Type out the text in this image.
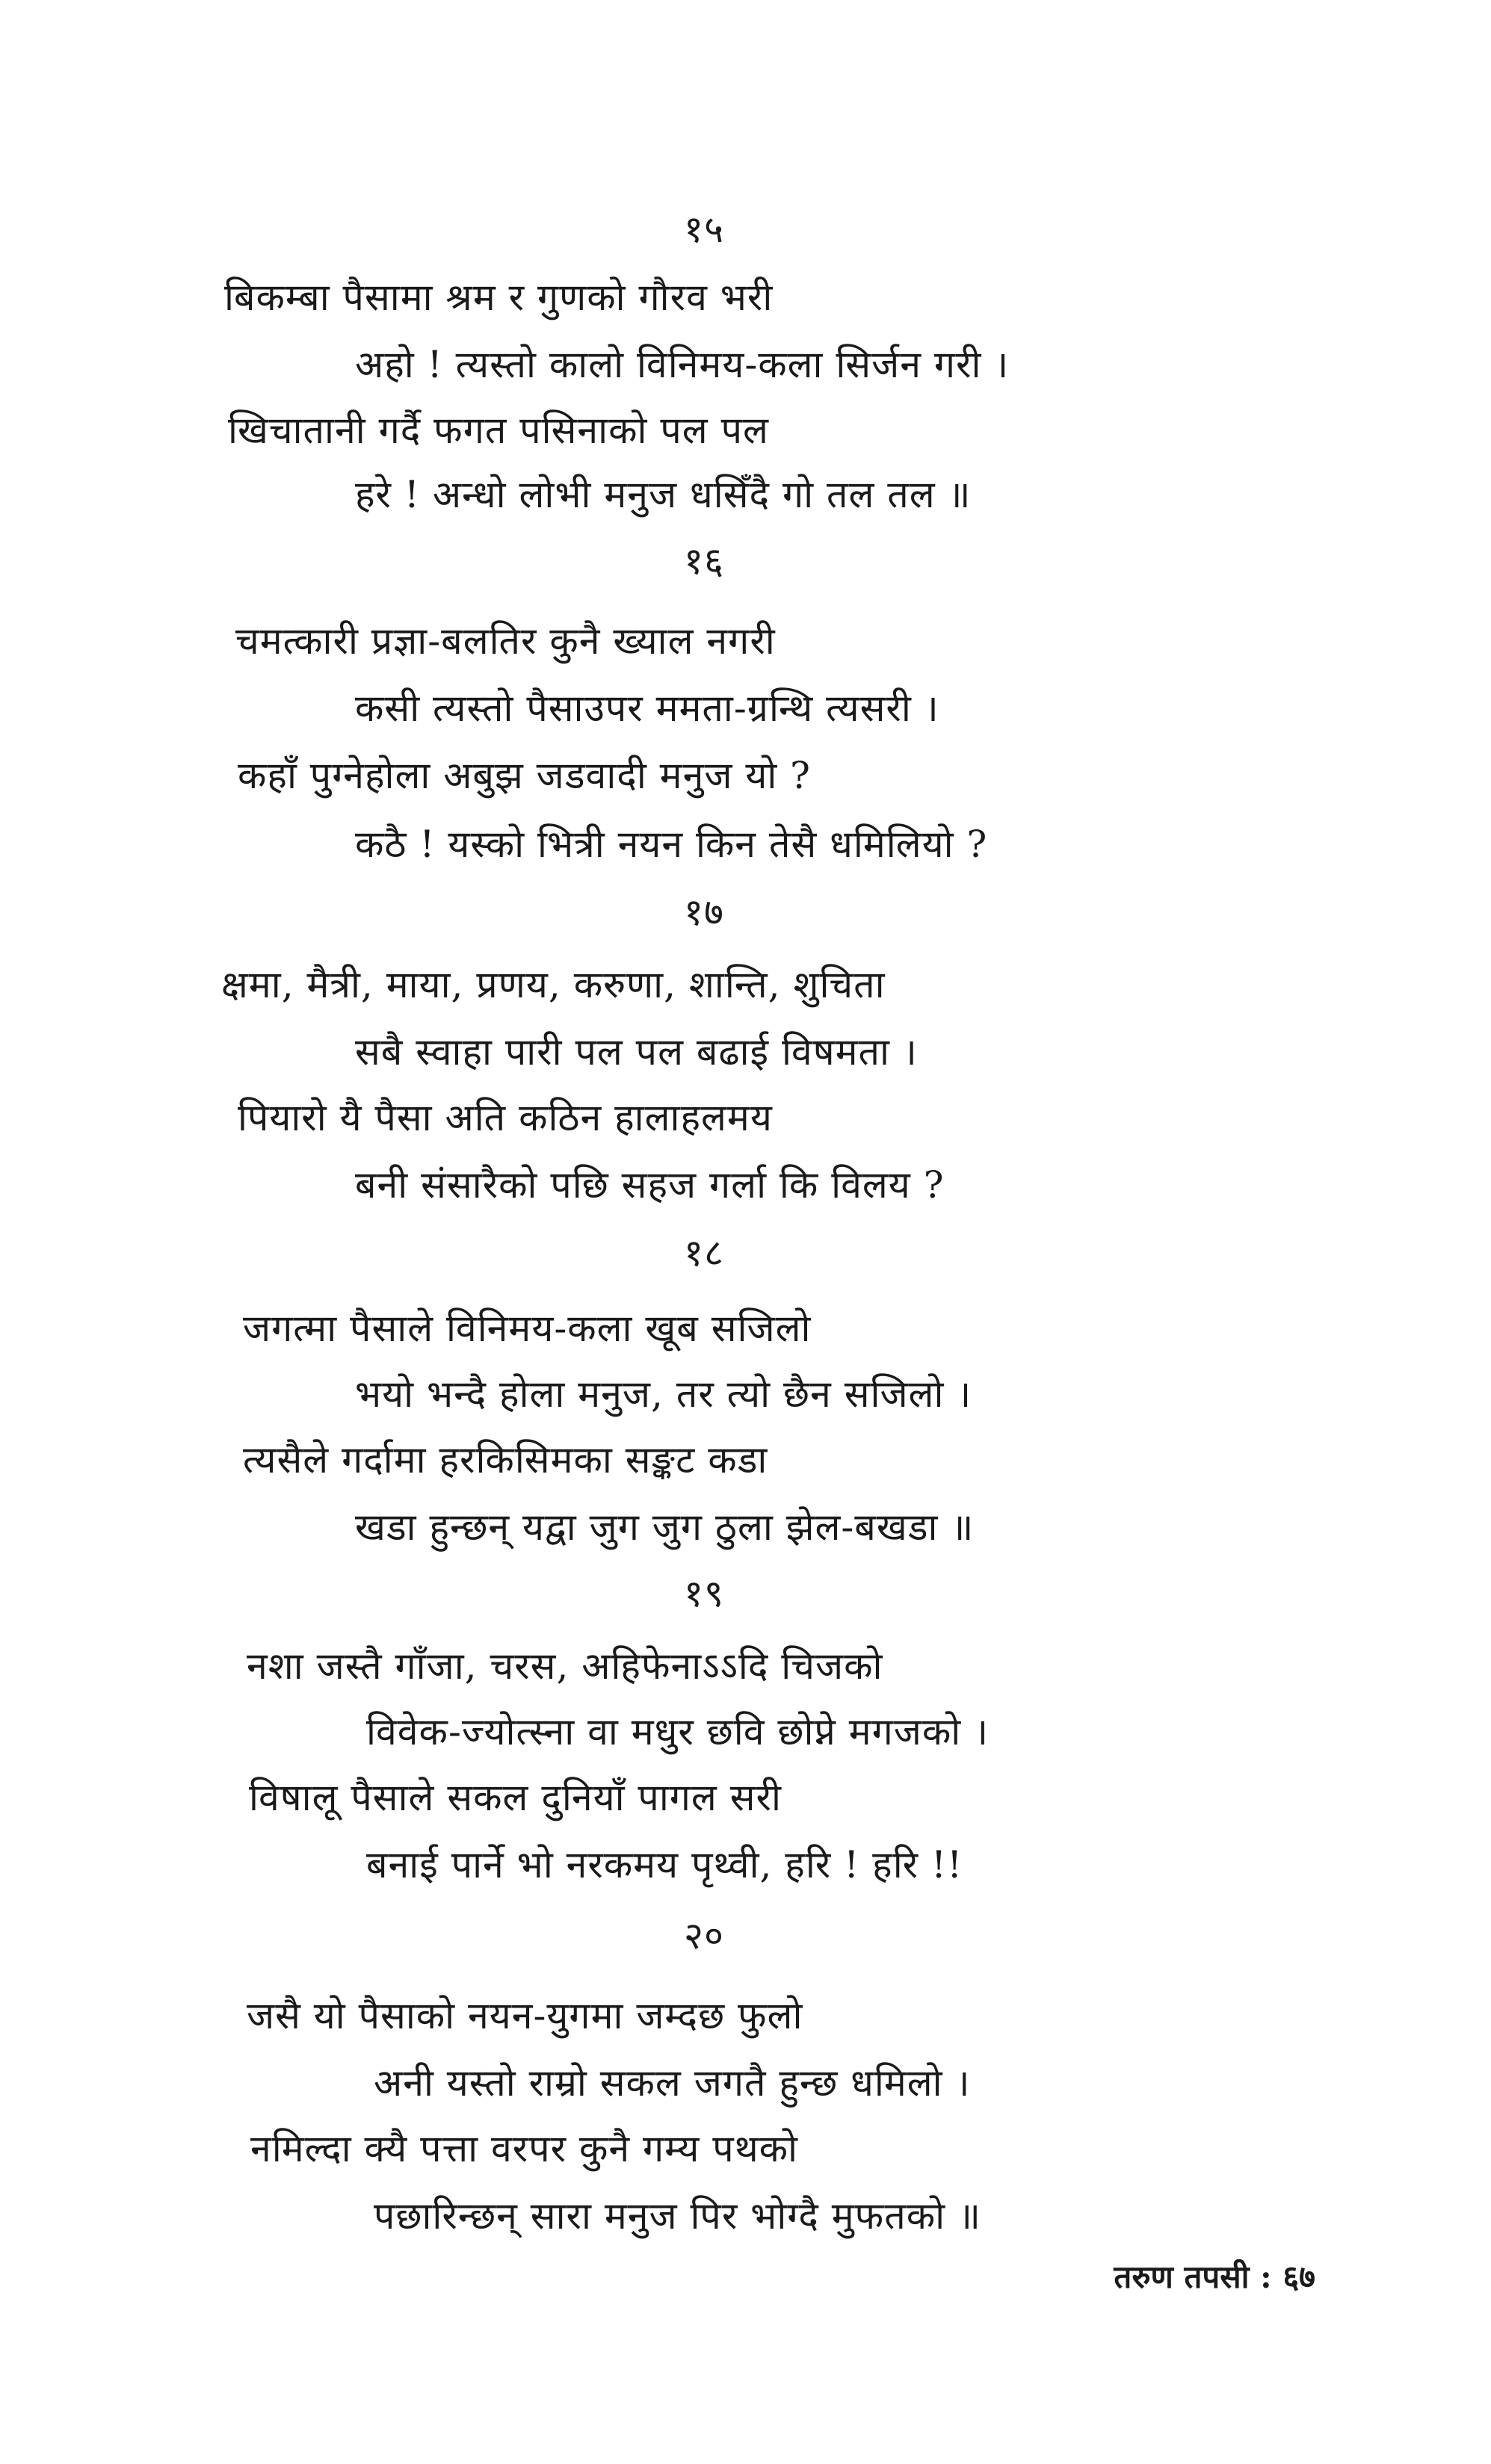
१५
बिकम्बा पैसामा श्रम र गुणको गौरव भरी
अहो ! त्यस्तो कालो विनिमय-कला सिर्जन गरी ।
खिचातानी गर्दै फगत पसिनाको पल पल
हरे ! अन्धो लोभी मनुज धसिँदै गो तल तल ॥
१६
चमत्कारी प्रज्ञा-बलतिर कुनै ख्याल नगरी
कसी त्यस्तो पैसाउपर ममता-ग्रन्थि त्यसरी ।
कहाँ पुग्नेहोला अबुझ जडवादी मनुज यो ?
कठै ! यस्को भित्री नयन किन तेसै धमिलियो ?
१७
क्षमा, मैत्री, माया, प्रणय, करुणा, शान्ति, शुचिता
सबै स्वाहा पारी पल पल बढाई विषमता ।
पियारो यै पैसा अति कठिन हालाहलमय
बनी संसारैको पछि सहज गर्ला कि विलय ?
१८
जगत्मा पैसाले विनिमय-कला खूब सजिलो
भयो भन्दै होला मनुज, तर त्यो छैन सजिलो ।
त्यसैले गर्दामा हरकिसिमका सङ्कट कडा
खडा हुन्छन् यद्वा जुग जुग ठुला झेल-बखडा ॥
१९
नशा जस्तै गाँजा, चरस, अहिफेनाऽऽदि चिजको
विवेक-ज्योत्स्ना वा मधुर छवि छोप्ने मगजको ।
विषालू पैसाले सकल दुनियाँ पागल सरी
बनाई पार्ने भो नरकमय पृथ्वी, हरि ! हरि !!
२०
जसै यो पैसाको नयन-युगमा जम्दछ फुलो
अनी यस्तो राम्रो सकल जगतै हुन्छ धमिलो ।
नमिल्दा क्यै पत्ता वरपर कुनै गम्य पथको
पछारिन्छन् सारा मनुज पिर भोग्दै मुफतको ॥
तरुण तपसी : ६७
